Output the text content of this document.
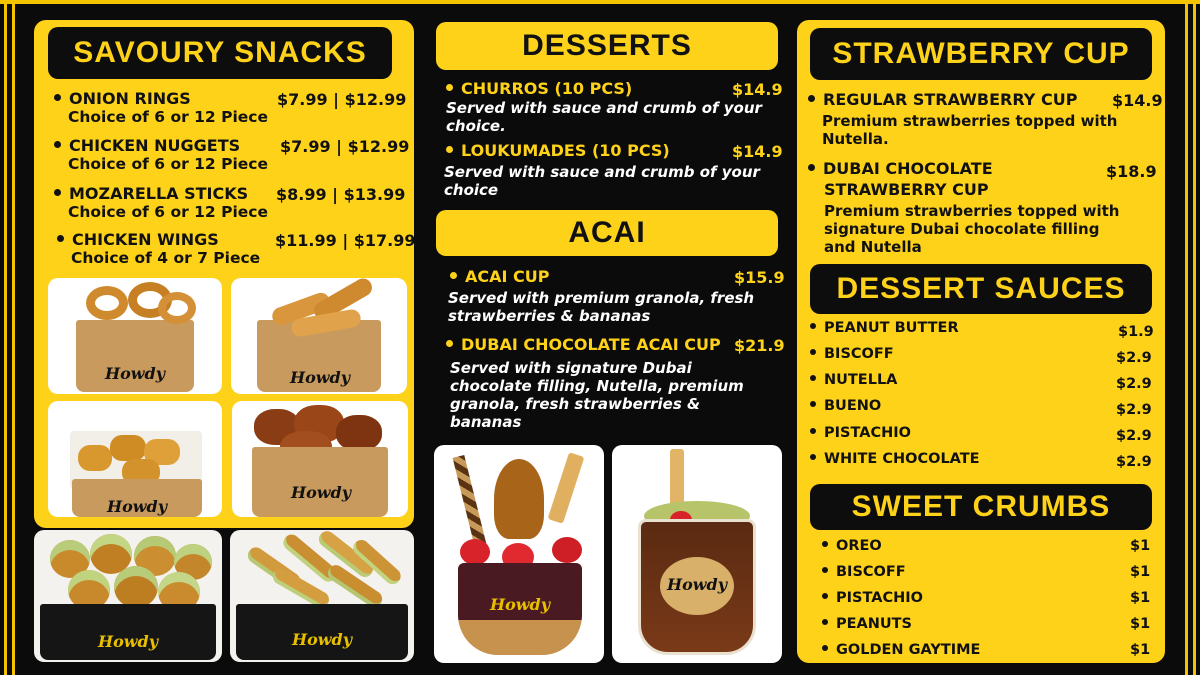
SAVOURY SNACKS
ONION RINGS
Choice of 6 or 12 Piece
$7.99 | $12.99
CHICKEN NUGGETS
Choice of 6 or 12 Piece
$7.99 | $12.99
MOZARELLA STICKS
Choice of 6 or 12 Piece
$8.99 | $13.99
CHICKEN WINGS
Choice of 4 or 7 Piece
$11.99 | $17.99
Howdy	Howdy
Howdy
Howdy
Howdy	Howdy
DESSERTS
CHURROS (10 PCS)	$14.9
Served with sauce and crumb of your choice.
LOUKUMADES (10 PCS)	$14.9
Served with sauce and crumb of your choice
ACAI
ACAI CUP	$15.9
Served with premium granola, fresh strawberries & bananas
DUBAI CHOCOLATE ACAI CUP $21.9
Served with signature Dubai chocolate filling, Nutella, premium granola, fresh strawberries & bananas
Howdy
Howdy
STRAWBERRY CUP
REGULAR STRAWBERRY CUP $14.9
Premium strawberries topped with Nutella.
DUBAI CHOCOLATE
STRAWBERRY CUP
$18.9
Premium strawberries topped with signature Dubai chocolate filling and Nutella
DESSERT SAUCES
PEANUT BUTTER	$1.9
BISCOFF	$2.9
NUTELLA	$2.9
BUENO	$2.9
PISTACHIO	$2.9
WHITE CHOCOLATE	$2.9
SWEET CRUMBS
OREO	$1
BISCOFF	$1
PISTACHIO	$1
PEANUTS	$1
GOLDEN GAYTIME	$1
